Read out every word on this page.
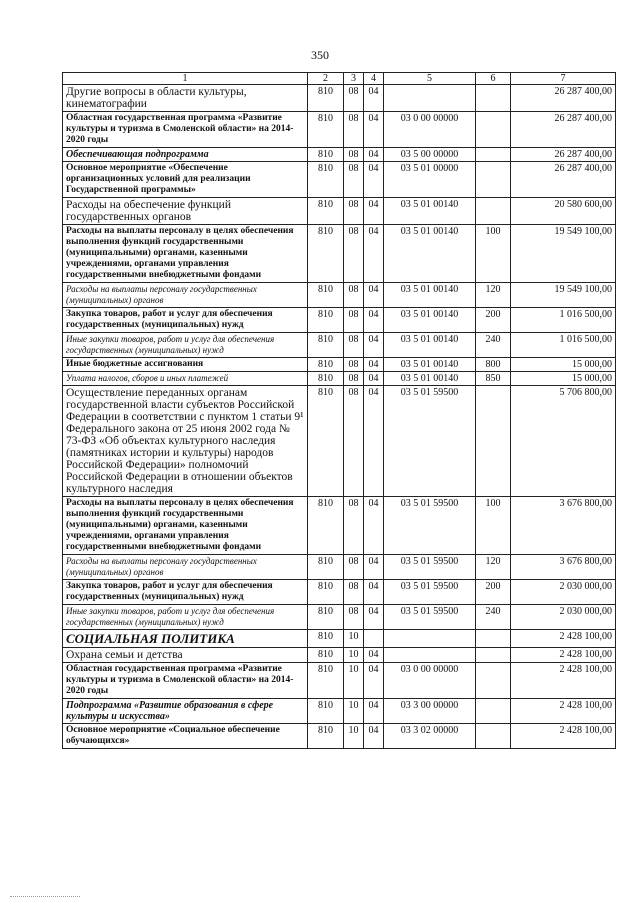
350
1	2	3	4	5	6	7
Другие вопросы в области культуры, кинематографии	810	08	04			26 287 400,00
Областная государственная программа «Развитие культуры и туризма в Смоленской области» на 2014-2020 годы	810	08	04	03 0 00 00000		26 287 400,00
Обеспечивающая подпрограмма	810	08	04	03 5 00 00000		26 287 400,00
Основное мероприятие «Обеспечение организационных условий для реализации Государственной программы»	810	08	04	03 5 01 00000		26 287 400,00
Расходы на обеспечение функций государственных органов	810	08	04	03 5 01 00140		20 580 600,00
Расходы на выплаты персоналу в целях обеспечения выполнения функций государственными (муниципальными) органами, казенными учреждениями, органами управления государственными внебюджетными фондами	810	08	04	03 5 01 00140	100	19 549 100,00
Расходы на выплаты персоналу государственных (муниципальных) органов	810	08	04	03 5 01 00140	120	19 549 100,00
Закупка товаров, работ и услуг для обеспечения государственных (муниципальных) нужд	810	08	04	03 5 01 00140	200	1 016 500,00
Иные закупки товаров, работ и услуг для обеспечения государственных (муниципальных) нужд	810	08	04	03 5 01 00140	240	1 016 500,00
Иные бюджетные ассигнования	810	08	04	03 5 01 00140	800	15 000,00
Уплата налогов, сборов и иных платежей	810	08	04	03 5 01 00140	850	15 000,00
Осуществление переданных органам государственной власти субъектов Российской Федерации в соответствии с пунктом 1 статьи 9¹ Федерального закона от 25 июня 2002 года № 73-ФЗ «Об объектах культурного наследия (памятниках истории и культуры) народов Российской Федерации» полномочий Российской Федерации в отношении объектов культурного наследия	810	08	04	03 5 01 59500		5 706 800,00
Расходы на выплаты персоналу в целях обеспечения выполнения функций государственными (муниципальными) органами, казенными учреждениями, органами управления государственными внебюджетными фондами	810	08	04	03 5 01 59500	100	3 676 800,00
Расходы на выплаты персоналу государственных (муниципальных) органов	810	08	04	03 5 01 59500	120	3 676 800,00
Закупка товаров, работ и услуг для обеспечения государственных (муниципальных) нужд	810	08	04	03 5 01 59500	200	2 030 000,00
Иные закупки товаров, работ и услуг для обеспечения государственных (муниципальных) нужд	810	08	04	03 5 01 59500	240	2 030 000,00
СОЦИАЛЬНАЯ ПОЛИТИКА	810	10				2 428 100,00
Охрана семьи и детства	810	10	04			2 428 100,00
Областная государственная программа «Развитие культуры и туризма в Смоленской области» на 2014-2020 годы	810	10	04	03 0 00 00000		2 428 100,00
Подпрограмма «Развитие образования в сфере культуры и искусства»	810	10	04	03 3 00 00000		2 428 100,00
Основное мероприятие «Социальное обеспечение обучающихся»	810	10	04	03 3 02 00000		2 428 100,00
